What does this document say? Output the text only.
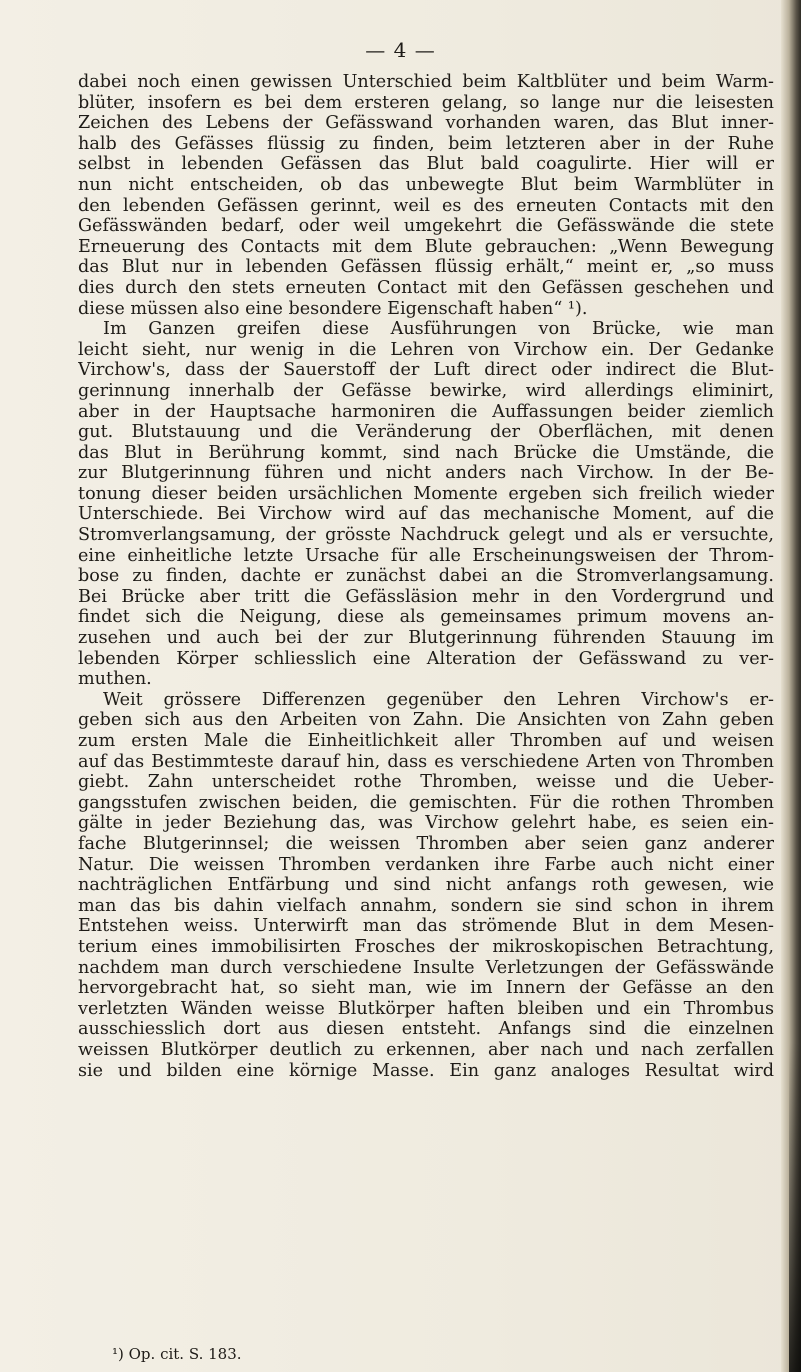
— 4 —
dabei noch einen gewissen Unterschied beim Kaltblüter und beim Warm-
blüter, insofern es bei dem ersteren gelang, so lange nur die leisesten
Zeichen des Lebens der Gefässwand vorhanden waren, das Blut inner-
halb des Gefässes flüssig zu finden, beim letzteren aber in der Ruhe
selbst in lebenden Gefässen das Blut bald coagulirte. Hier will er
nun nicht entscheiden, ob das unbewegte Blut beim Warmblüter in
den lebenden Gefässen gerinnt, weil es des erneuten Contacts mit den
Gefässwänden bedarf, oder weil umgekehrt die Gefässwände die stete
Erneuerung des Contacts mit dem Blute gebrauchen: „Wenn Bewegung
das Blut nur in lebenden Gefässen flüssig erhält,“ meint er, „so muss
dies durch den stets erneuten Contact mit den Gefässen geschehen und
diese müssen also eine besondere Eigenschaft haben“ ¹).
Im Ganzen greifen diese Ausführungen von Brücke, wie man
leicht sieht, nur wenig in die Lehren von Virchow ein. Der Gedanke
Virchow's, dass der Sauerstoff der Luft direct oder indirect die Blut-
gerinnung innerhalb der Gefässe bewirke, wird allerdings eliminirt,
aber in der Hauptsache harmoniren die Auffassungen beider ziemlich
gut. Blutstauung und die Veränderung der Oberflächen, mit denen
das Blut in Berührung kommt, sind nach Brücke die Umstände, die
zur Blutgerinnung führen und nicht anders nach Virchow. In der Be-
tonung dieser beiden ursächlichen Momente ergeben sich freilich wieder
Unterschiede. Bei Virchow wird auf das mechanische Moment, auf die
Stromverlangsamung, der grösste Nachdruck gelegt und als er versuchte,
eine einheitliche letzte Ursache für alle Erscheinungsweisen der Throm-
bose zu finden, dachte er zunächst dabei an die Stromverlangsamung.
Bei Brücke aber tritt die Gefässläsion mehr in den Vordergrund und
findet sich die Neigung, diese als gemeinsames primum movens an-
zusehen und auch bei der zur Blutgerinnung führenden Stauung im
lebenden Körper schliesslich eine Alteration der Gefässwand zu ver-
muthen.
Weit grössere Differenzen gegenüber den Lehren Virchow's er-
geben sich aus den Arbeiten von Zahn. Die Ansichten von Zahn geben
zum ersten Male die Einheitlichkeit aller Thromben auf und weisen
auf das Bestimmteste darauf hin, dass es verschiedene Arten von Thromben
giebt. Zahn unterscheidet rothe Thromben, weisse und die Ueber-
gangsstufen zwischen beiden, die gemischten. Für die rothen Thromben
gälte in jeder Beziehung das, was Virchow gelehrt habe, es seien ein-
fache Blutgerinnsel; die weissen Thromben aber seien ganz anderer
Natur. Die weissen Thromben verdanken ihre Farbe auch nicht einer
nachträglichen Entfärbung und sind nicht anfangs roth gewesen, wie
man das bis dahin vielfach annahm, sondern sie sind schon in ihrem
Entstehen weiss. Unterwirft man das strömende Blut in dem Mesen-
terium eines immobilisirten Frosches der mikroskopischen Betrachtung,
nachdem man durch verschiedene Insulte Verletzungen der Gefässwände
hervorgebracht hat, so sieht man, wie im Innern der Gefässe an den
verletzten Wänden weisse Blutkörper haften bleiben und ein Thrombus
ausschiesslich dort aus diesen entsteht. Anfangs sind die einzelnen
weissen Blutkörper deutlich zu erkennen, aber nach und nach zerfallen
sie und bilden eine körnige Masse. Ein ganz analoges Resultat wird
¹) Op. cit. S. 183.
